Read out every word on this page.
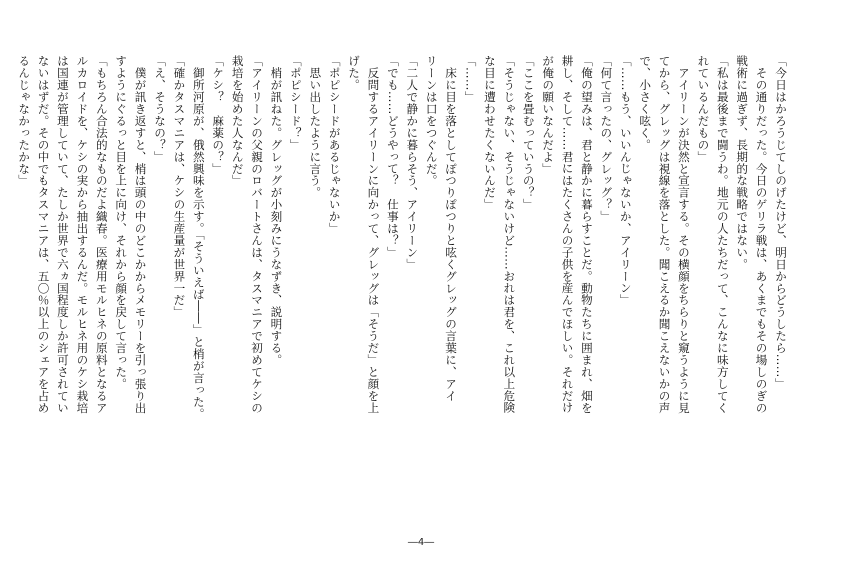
「今日はかろうじてしのげたけど、明日からどうしたら……」
　その通りだった。今日のゲリラ戦は、あくまでもその場しのぎの
戦術に過ぎず、長期的な戦略ではない。
「私は最後まで闘うわ。地元の人たちだって、こんなに味方してく
れているんだもの」
　アイリーンが決然と宣言する。その横顔をちらりと窺うように見
てから、グレッグは視線を落とした。聞こえるか聞こえないかの声
で、小さく呟く。
「……もう、いいんじゃないか、アイリーン」
「何て言ったの、グレッグ？」
「俺の望みは、君と静かに暮らすことだ。動物たちに囲まれ、畑を
耕し、そして……君にはたくさんの子供を産んでほしい。それだけ
が俺の願いなんだよ」
「ここを畳むっていうの？」
「そうじゃない、そうじゃないけど……おれは君を、これ以上危険
な目に遭わせたくないんだ」
「……」
　床に目を落としてぽつりぽつりと呟くグレッグの言葉に、アイ
リーンは口をつぐんだ。
「二人で静かに暮らそう、アイリーン」
「でも……どうやって？　仕事は？」
　反問するアイリーンに向かって、グレッグは「そうだ」と顔を上
げた。
「ポピシードがあるじゃないか」
　思い出したように言う。
「ポピシード？」
　梢が訊ねた。グレッグが小刻みにうなずき、説明する。
「アイリーンの父親のロバートさんは、タスマニアで初めてケシの
栽培を始めた人なんだ」
「ケシ？　麻薬の？」
　御所河原が、俄然興味を示す。「そういえば――」と梢が言った。
「確かタスマニアは、ケシの生産量が世界一だ」
「え、そうなの？」
　僕が訊き返すと、梢は頭の中のどこかからメモリーを引っ張り出
すようにぐるっと目を上に向け、それから顔を戻して言った。
「もちろん合法的なものだよ織春。医療用モルヒネの原料となるア
ルカロイドを、ケシの実から抽出するんだ。モルヒネ用のケシ栽培
は国連が管理していて、たしか世界で六ヵ国程度しか許可されてい
ないはずだ。その中でもタスマニアは、五〇％以上のシェアを占め
るんじゃなかったかな」
―4―
